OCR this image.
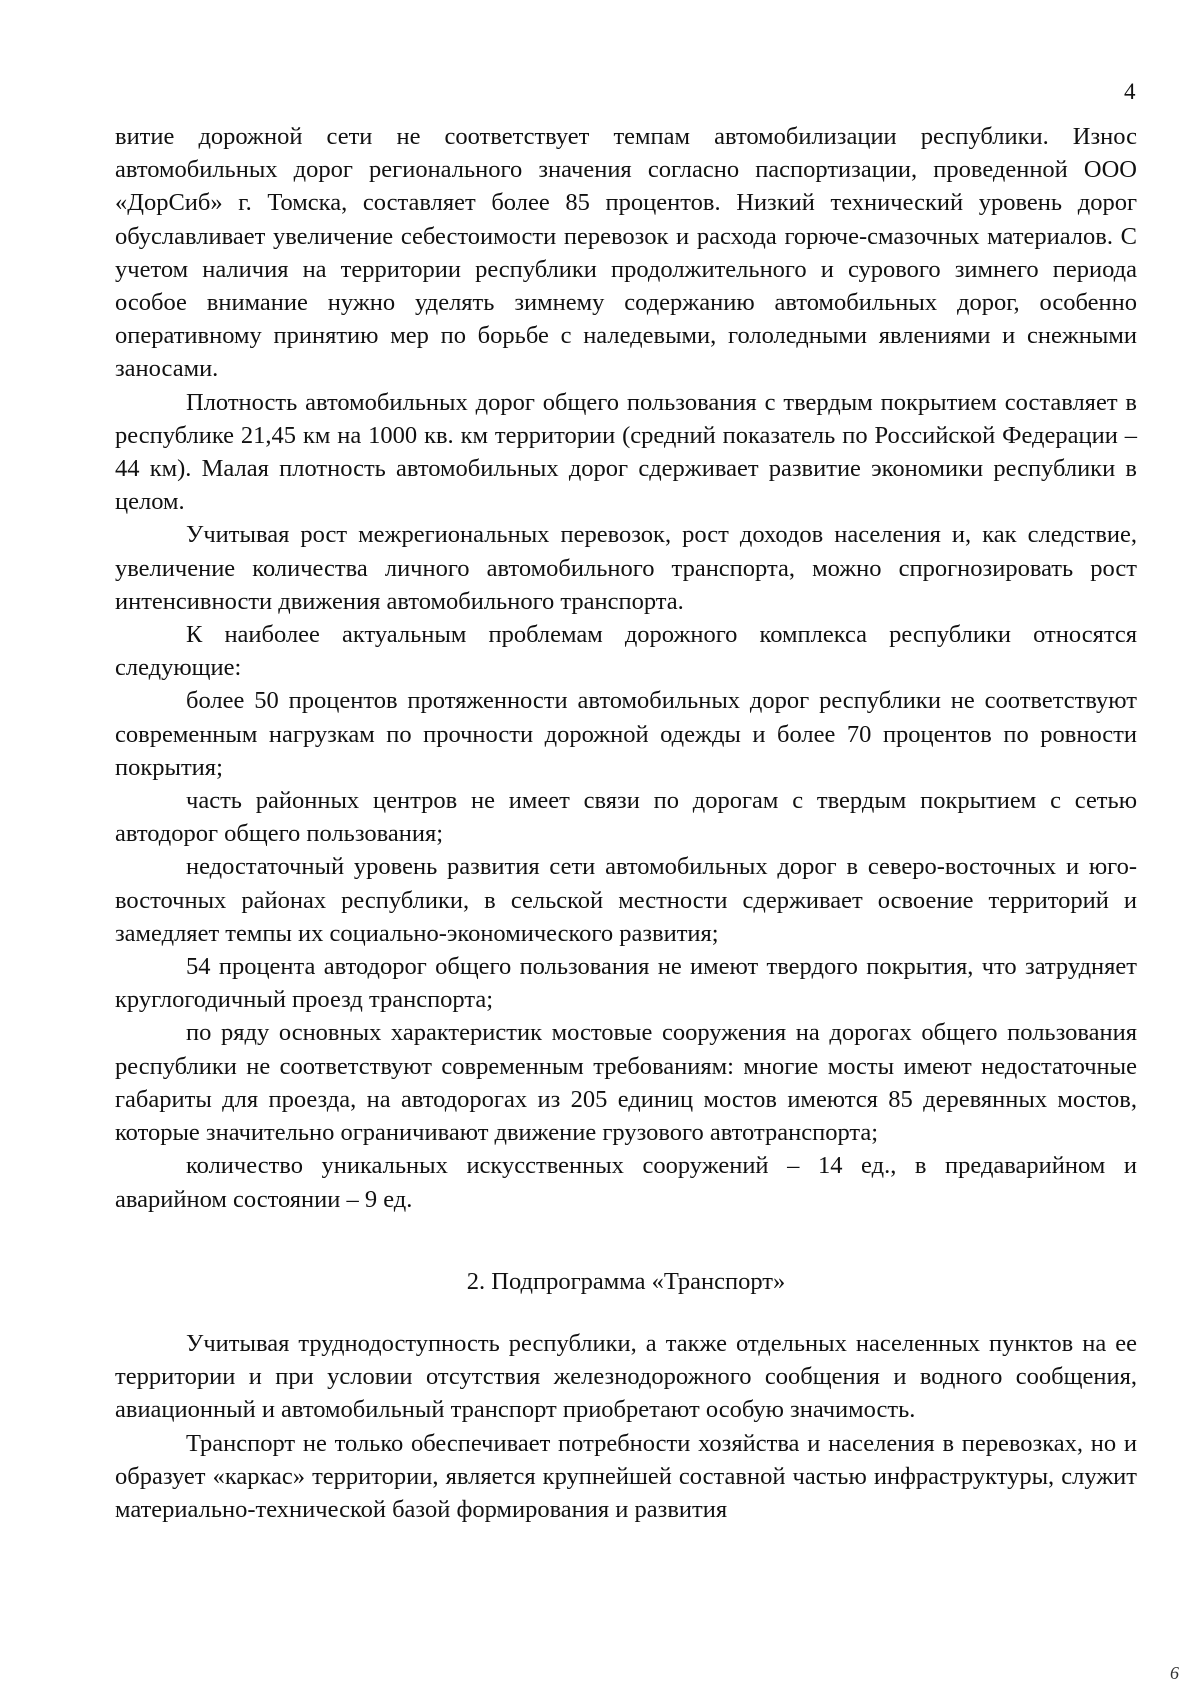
4

витие дорожной сети не соответствует темпам автомобилизации республики. Износ автомобильных дорог регионального значения согласно паспортизации, проведенной ООО «ДорСиб» г. Томска, составляет более 85 процентов. Низкий технический уровень дорог обуславливает увеличение себестоимости перевозок и расхода горюче-смазочных материалов. С учетом наличия на территории республики продолжительного и сурового зимнего периода особое внимание нужно уделять зимнему содержанию автомобильных дорог, особенно оперативному принятию мер по борьбе с наледевыми, гололедными явлениями и снежными заносами.

Плотность автомобильных дорог общего пользования с твердым покрытием составляет в республике 21,45 км на 1000 кв. км территории (средний показатель по Российской Федерации – 44 км). Малая плотность автомобильных дорог сдерживает развитие экономики республики в целом.

Учитывая рост межрегиональных перевозок, рост доходов населения и, как следствие, увеличение количества личного автомобильного транспорта, можно спрогнозировать рост интенсивности движения автомобильного транспорта.

К наиболее актуальным проблемам дорожного комплекса республики относятся следующие:

более 50 процентов протяженности автомобильных дорог республики не соответствуют современным нагрузкам по прочности дорожной одежды и более 70 процентов по ровности покрытия;

часть районных центров не имеет связи по дорогам с твердым покрытием с сетью автодорог общего пользования;

недостаточный уровень развития сети автомобильных дорог в северо-восточных и юго-восточных районах республики, в сельской местности сдерживает освоение территорий и замедляет темпы их социально-экономического развития;

54 процента автодорог общего пользования не имеют твердого покрытия, что затрудняет круглогодичный проезд транспорта;

по ряду основных характеристик мостовые сооружения на дорогах общего пользования республики не соответствуют современным требованиям: многие мосты имеют недостаточные габариты для проезда, на автодорогах из 205 единиц мостов имеются 85 деревянных мостов, которые значительно ограничивают движение грузового автотранспорта;

количество уникальных искусственных сооружений – 14 ед., в предаварийном и аварийном состоянии – 9 ед.

2. Подпрограмма «Транспорт»

Учитывая труднодоступность республики, а также отдельных населенных пунктов на ее территории и при условии отсутствия железнодорожного сообщения и водного сообщения, авиационный и автомобильный транспорт приобретают особую значимость.

Транспорт не только обеспечивает потребности хозяйства и населения в перевозках, но и образует «каркас» территории, является крупнейшей составной частью инфраструктуры, служит материально-технической базой формирования и развития

6
